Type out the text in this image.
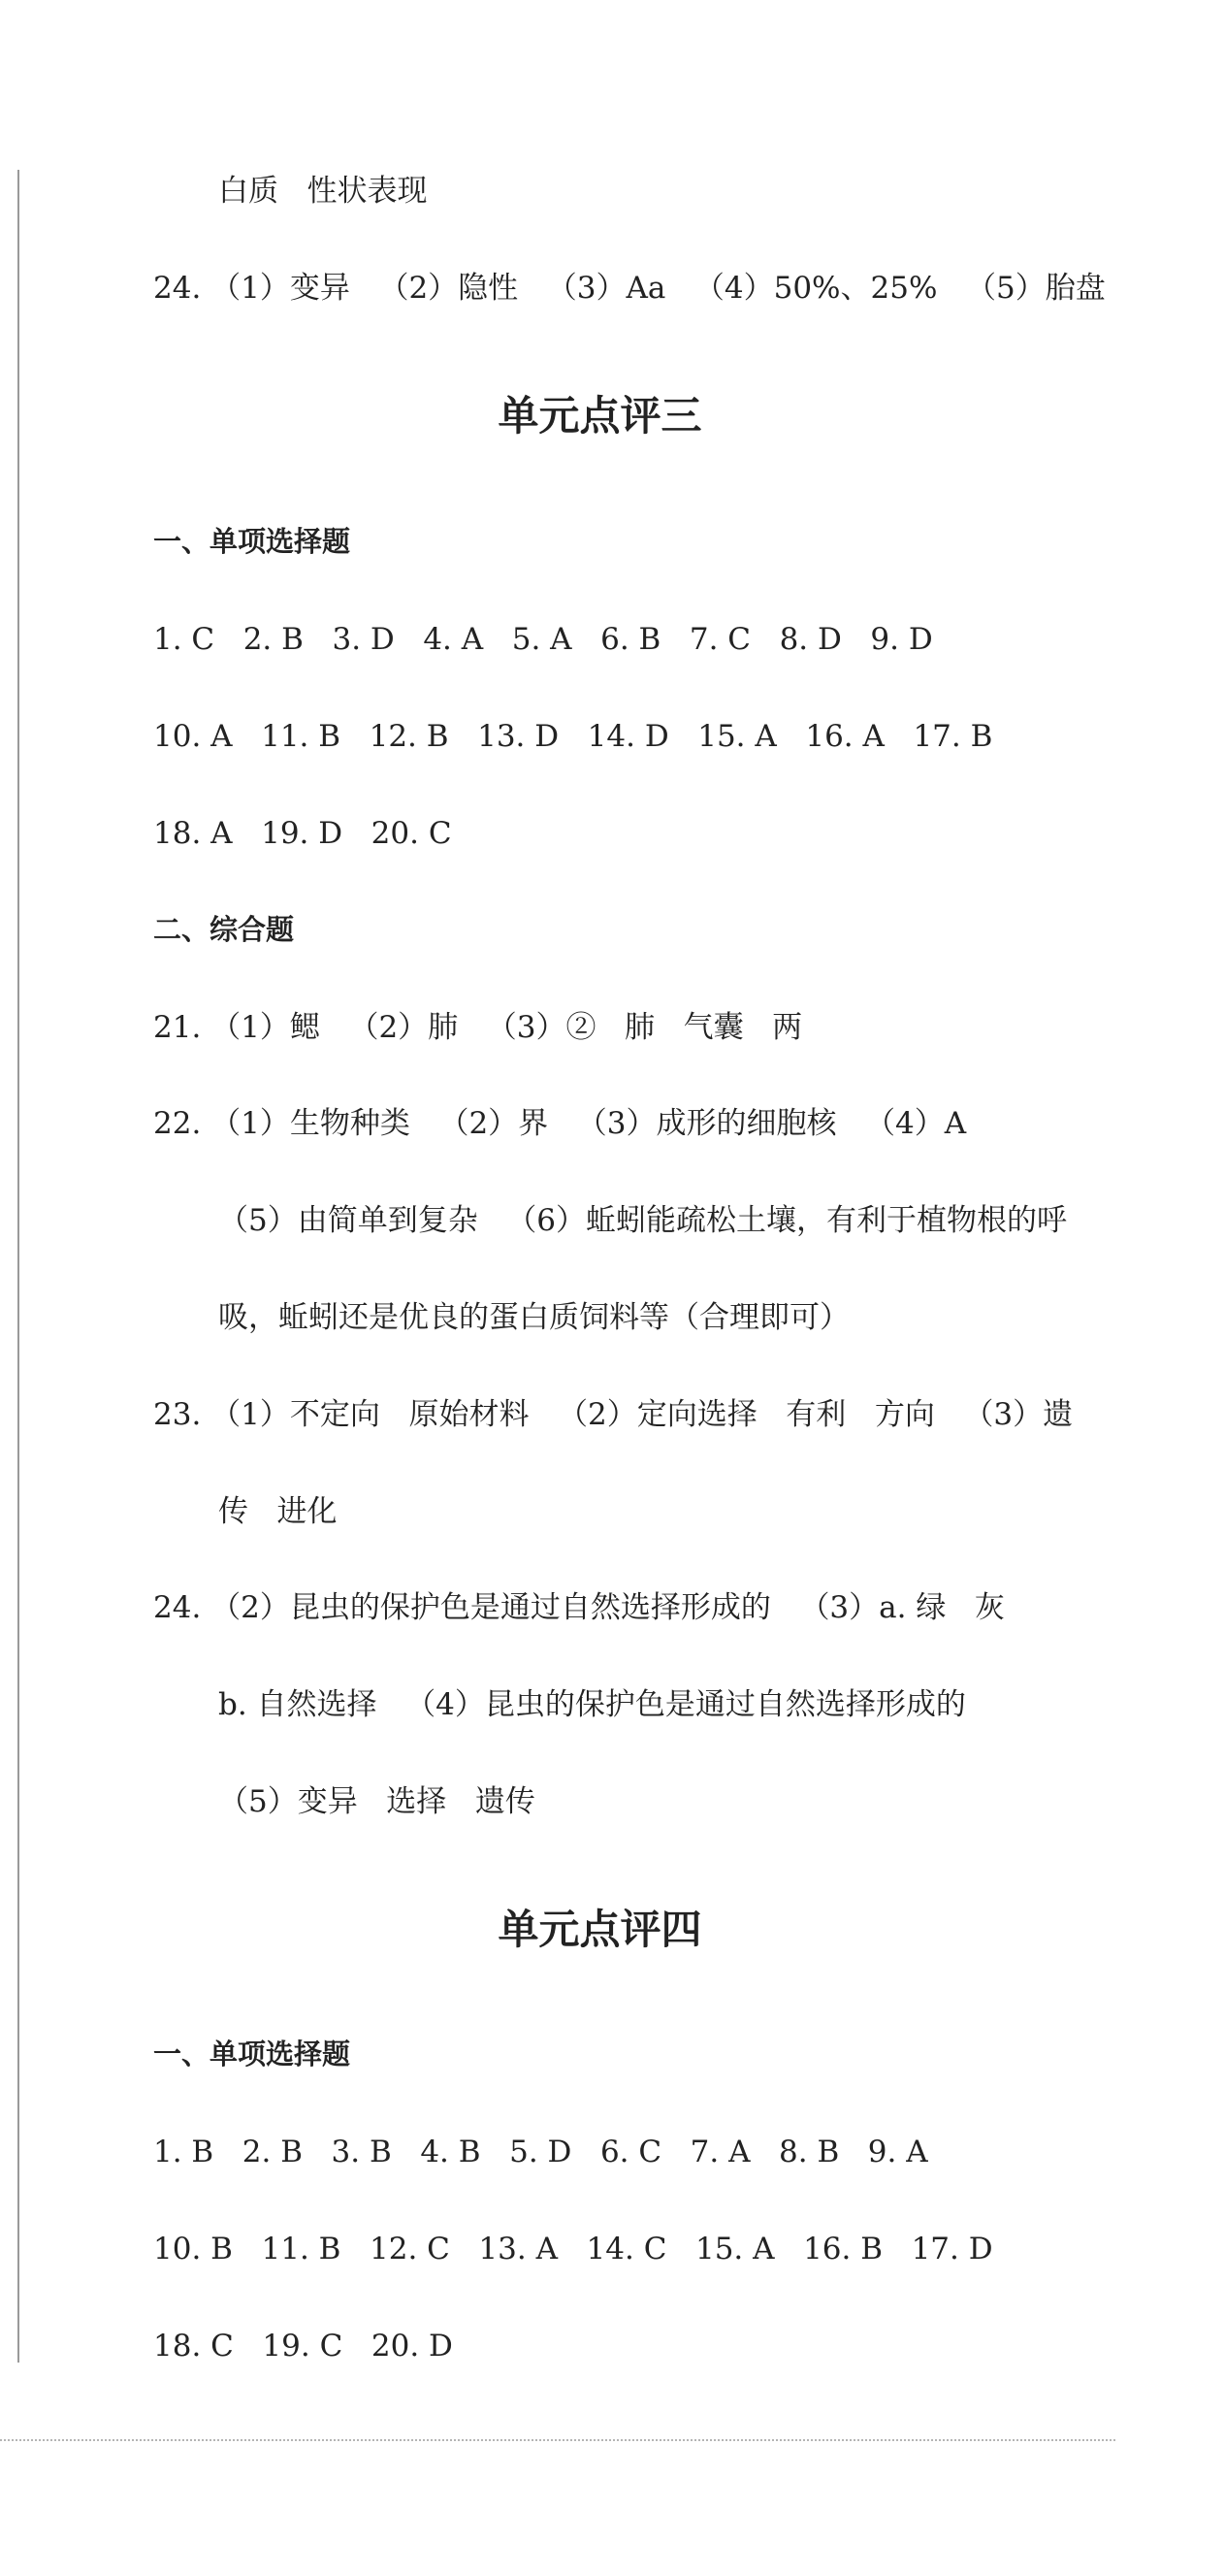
白质   性状表现
24. （1）变异   （2）隐性   （3）Aa   （4）50%、25%   （5）胎盘
单元点评三
一、单项选择题
1. C   2. B   3. D   4. A   5. A   6. B   7. C   8. D   9. D
10. A   11. B   12. B   13. D   14. D   15. A   16. A   17. B
18. A   19. D   20. C
二、综合题
21. （1）鳃   （2）肺   （3）②   肺   气囊   两
22. （1）生物种类   （2）界   （3）成形的细胞核   （4）A
（5）由简单到复杂   （6）蚯蚓能疏松土壤，有利于植物根的呼
吸，蚯蚓还是优良的蛋白质饲料等（合理即可）
23. （1）不定向   原始材料   （2）定向选择   有利   方向   （3）遗
传   进化
24. （2）昆虫的保护色是通过自然选择形成的   （3）a. 绿   灰
b. 自然选择   （4）昆虫的保护色是通过自然选择形成的
（5）变异   选择   遗传
单元点评四
一、单项选择题
1. B   2. B   3. B   4. B   5. D   6. C   7. A   8. B   9. A
10. B   11. B   12. C   13. A   14. C   15. A   16. B   17. D
18. C   19. C   20. D
